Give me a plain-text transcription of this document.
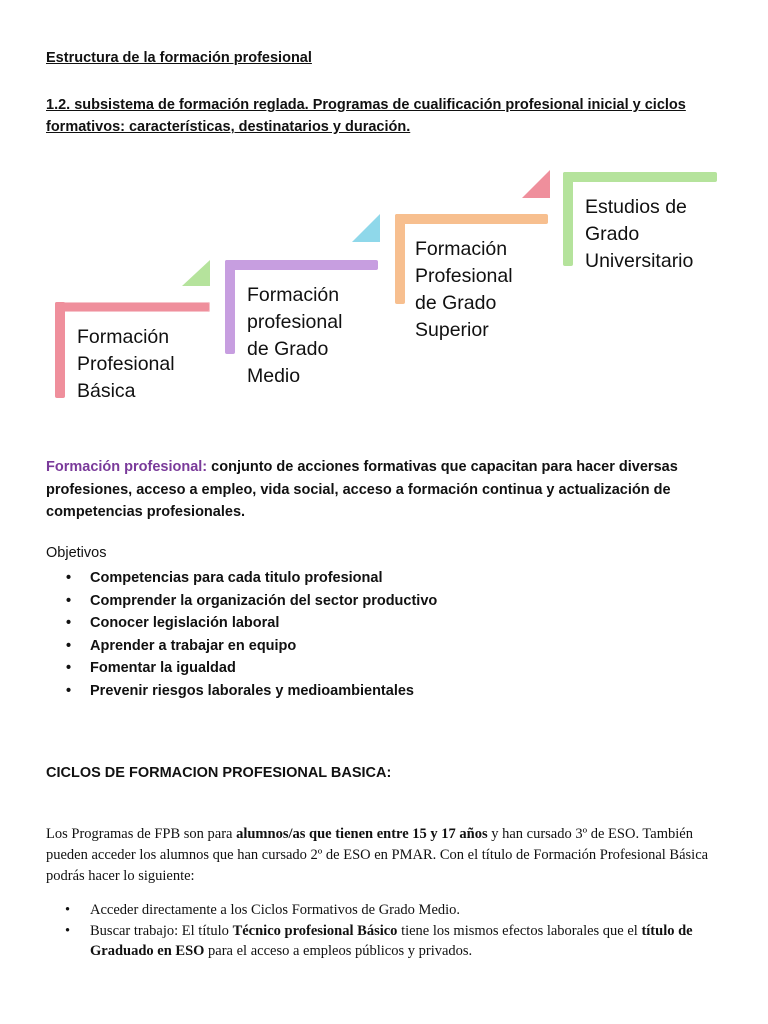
Estructura de la formación profesional
1.2. subsistema de formación reglada. Programas de cualificación profesional inicial y ciclos formativos: características, destinatarios y duración.
Formación
Profesional
Básica
Formación
profesional
de Grado
Medio
Formación
Profesional
de Grado
Superior
Estudios de
Grado
Universitario
Formación profesional: conjunto de acciones formativas que capacitan para hacer diversas profesiones, acceso a empleo, vida social, acceso a formación continua y actualización de competencias profesionales.
Objetivos
• Competencias para cada titulo profesional
• Comprender la organización del sector productivo
• Conocer legislación laboral
• Aprender a trabajar en equipo
• Fomentar la igualdad
• Prevenir riesgos laborales y medioambientales
CICLOS DE FORMACION PROFESIONAL BASICA:
Los Programas de FPB son para alumnos/as que tienen entre 15 y 17 años y han cursado 3º de ESO. También pueden acceder los alumnos que han cursado 2º de ESO en PMAR. Con el título de Formación Profesional Básica podrás hacer lo siguiente:
• Acceder directamente a los Ciclos Formativos de Grado Medio.
• Buscar trabajo: El título Técnico profesional Básico tiene los mismos efectos laborales que el título de Graduado en ESO para el acceso a empleos públicos y privados.
